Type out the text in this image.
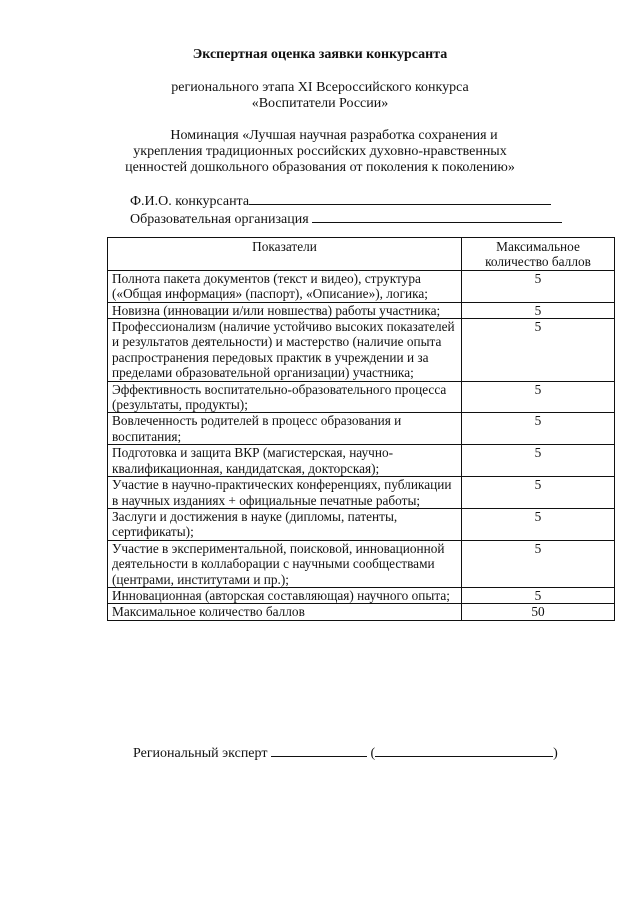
Экспертная оценка заявки конкурсанта
регионального этапа XI Всероссийского конкурса
«Воспитатели России»
Номинация «Лучшая научная разработка сохранения и укрепления традиционных российских духовно-нравственных ценностей дошкольного образования от поколения к поколению»
Ф.И.О. конкурсанта
Образовательная организация
Показатели	Максимальное количество баллов
Полнота пакета документов (текст и видео), структура («Общая информация» (паспорт), «Описание»), логика;	5
Новизна (инновации и/или новшества) работы участника;	5
Профессионализм (наличие устойчиво высоких показателей и результатов деятельности) и мастерство (наличие опыта распространения передовых практик в учреждении и за пределами образовательной организации) участника;	5
Эффективность воспитательно-образовательного процесса (результаты, продукты);	5
Вовлеченность родителей в процесс образования и воспитания;	5
Подготовка и защита ВКР (магистерская, научно-квалификационная, кандидатская, докторская);	5
Участие в научно-практических конференциях, публикации в научных изданиях + официальные печатные работы;	5
Заслуги и достижения в науке (дипломы, патенты, сертификаты);	5
Участие в экспериментальной, поисковой, инновационной деятельности в коллаборации с научными сообществами (центрами, институтами и пр.);	5
Инновационная (авторская составляющая) научного опыта;	5
Максимальное количество баллов	50
Региональный эксперт	(	)
